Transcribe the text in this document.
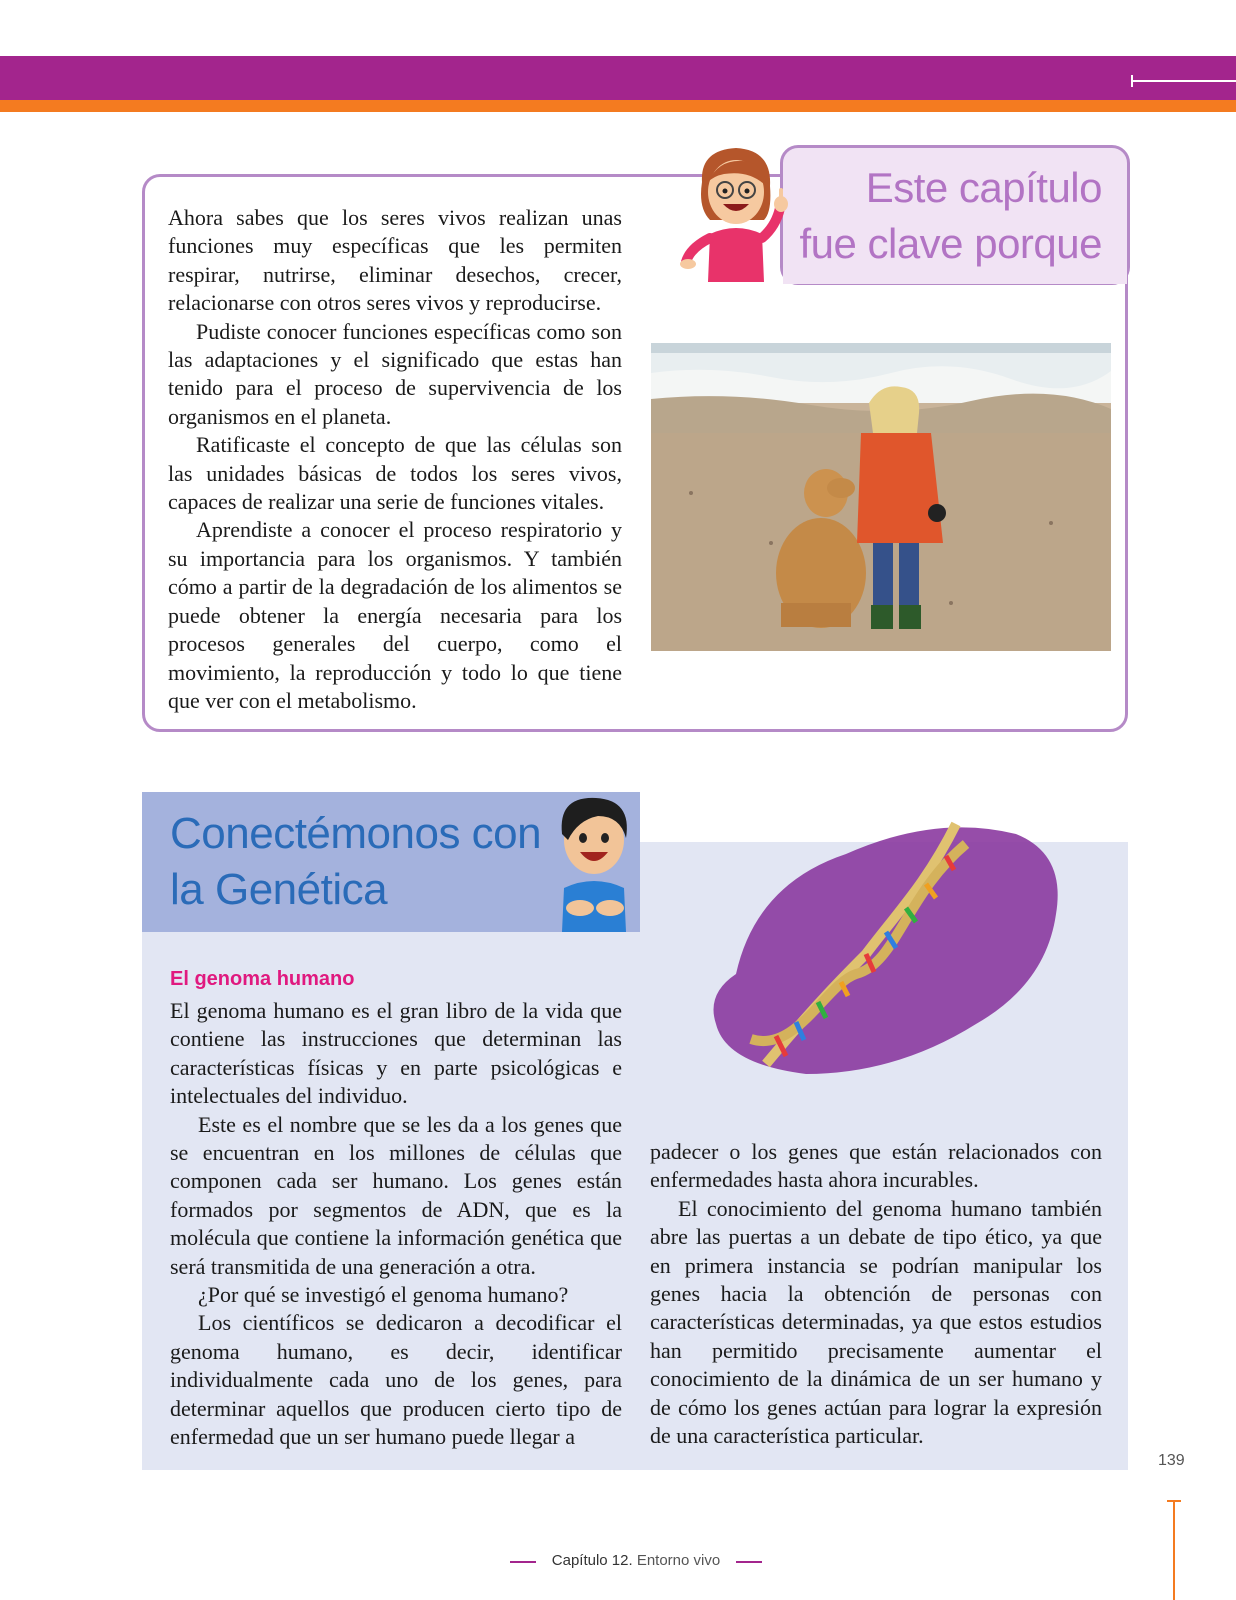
Este capítulo
fue clave porque

Ahora sabes que los seres vivos realizan unas funciones muy específicas que les permiten respirar, nutrirse, eliminar desechos, crecer, relacionarse con otros seres vivos y reproducirse.

Pudiste conocer funciones específicas como son las adaptaciones y el significado que estas han tenido para el proceso de supervivencia de los organismos en el planeta.

Ratificaste el concepto de que las células son las unidades básicas de todos los seres vivos, capaces de realizar una serie de funciones vitales.

Aprendiste a conocer el proceso respiratorio y su importancia para los organismos. Y también cómo a partir de la degradación de los alimentos se puede obtener la energía necesaria para los procesos generales del cuerpo, como el movimiento, la reproducción y todo lo que tiene que ver con el metabolismo.

Conectémonos con
la Genética
El genoma humano

El genoma humano es el gran libro de la vida que contiene las instrucciones que determinan las características físicas y en parte psicológicas e intelectuales del individuo.

Este es el nombre que se les da a los genes que se encuentran en los millones de células que componen cada ser humano. Los genes están formados por segmentos de ADN, que es la molécula que contiene la información genética que será transmitida de una generación a otra.

¿Por qué se investigó el genoma humano?

Los científicos se dedicaron a decodificar el genoma humano, es decir, identificar individualmente cada uno de los genes, para determinar aquellos que producen cierto tipo de enfermedad que un ser humano puede llegar a

padecer o los genes que están relacionados con enfermedades hasta ahora incurables.

El conocimiento del genoma humano también abre las puertas a un debate de tipo ético, ya que en primera instancia se podrían manipular los genes hacia la obtención de personas con características determinadas, ya que estos estudios han permitido precisamente aumentar el conocimiento de la dinámica de un ser humano y de cómo los genes actúan para lograr la expresión de una característica particular.

139
Capítulo 12. Entorno vivo
